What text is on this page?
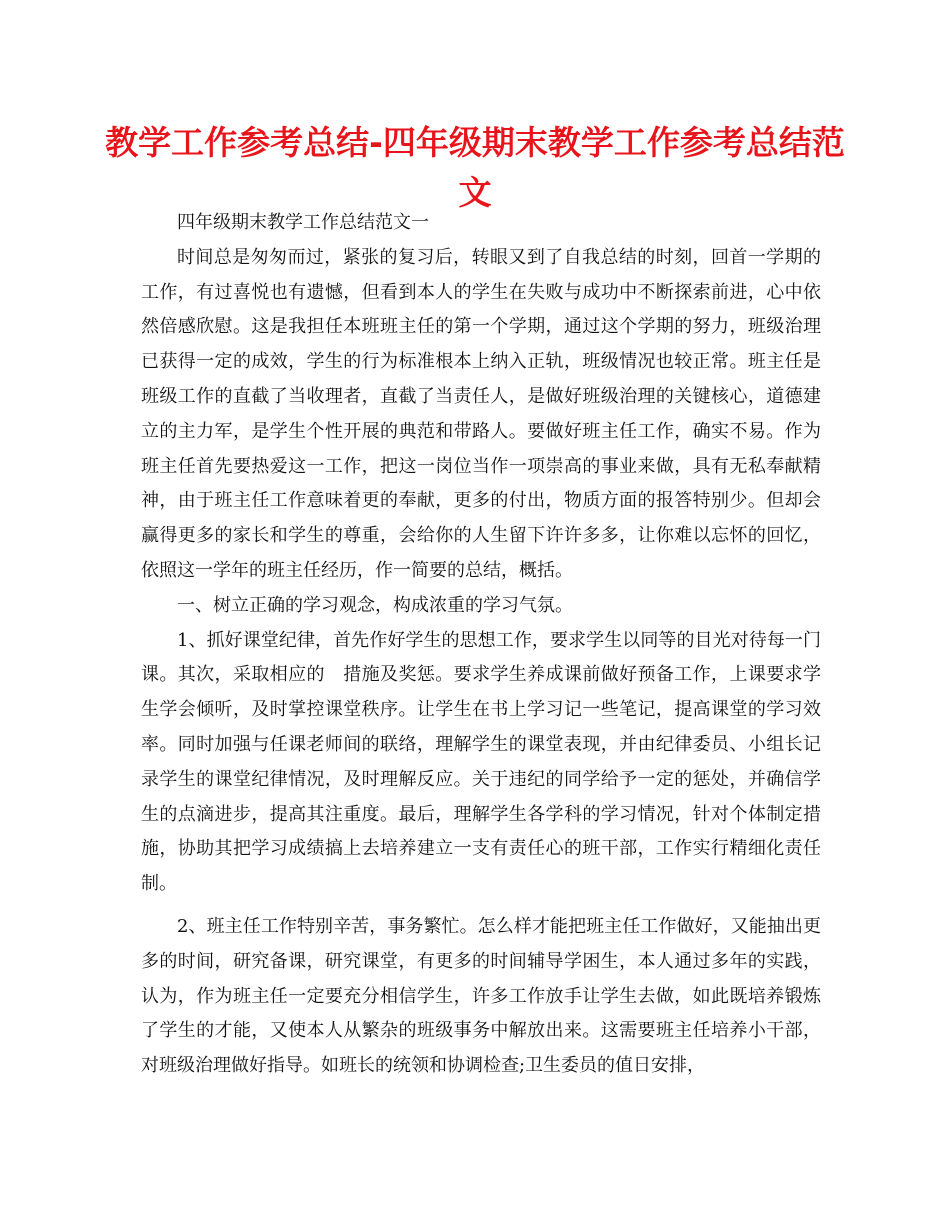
教学工作参考总结-四年级期末教学工作参考总结范文

四年级期末教学工作总结范文一

时间总是匆匆而过，紧张的复习后，转眼又到了自我总结的时刻，回首一学期的工作，有过喜悦也有遗憾，但看到本人的学生在失败与成功中不断探索前进，心中依然倍感欣慰。这是我担任本班班主任的第一个学期，通过这个学期的努力，班级治理已获得一定的成效，学生的行为标准根本上纳入正轨，班级情况也较正常。班主任是班级工作的直截了当收理者，直截了当责任人，是做好班级治理的关键核心，道德建立的主力军，是学生个性开展的典范和带路人。要做好班主任工作，确实不易。作为班主任首先要热爱这一工作，把这一岗位当作一项崇高的事业来做，具有无私奉献精神，由于班主任工作意味着更的奉献，更多的付出，物质方面的报答特别少。但却会赢得更多的家长和学生的尊重，会给你的人生留下许许多多，让你难以忘怀的回忆，依照这一学年的班主任经历，作一简要的总结，概括。

一、树立正确的学习观念，构成浓重的学习气氛。

1、抓好课堂纪律，首先作好学生的思想工作，要求学生以同等的目光对待每一门课。其次，采取相应的　措施及奖惩。要求学生养成课前做好预备工作，上课要求学生学会倾听，及时掌控课堂秩序。让学生在书上学习记一些笔记，提高课堂的学习效率。同时加强与任课老师间的联络，理解学生的课堂表现，并由纪律委员、小组长记录学生的课堂纪律情况，及时理解反应。关于违纪的同学给予一定的惩处，并确信学生的点滴进步，提高其注重度。最后，理解学生各学科的学习情况，针对个体制定措施，协助其把学习成绩搞上去培养建立一支有责任心的班干部，工作实行精细化责任制。

2、班主任工作特别辛苦，事务繁忙。怎么样才能把班主任工作做好，又能抽出更多的时间，研究备课，研究课堂，有更多的时间辅导学困生，本人通过多年的实践，认为，作为班主任一定要充分相信学生，许多工作放手让学生去做，如此既培养锻炼了学生的才能，又使本人从繁杂的班级事务中解放出来。这需要班主任培养小干部，对班级治理做好指导。如班长的统领和协调检查;卫生委员的值日安排，
